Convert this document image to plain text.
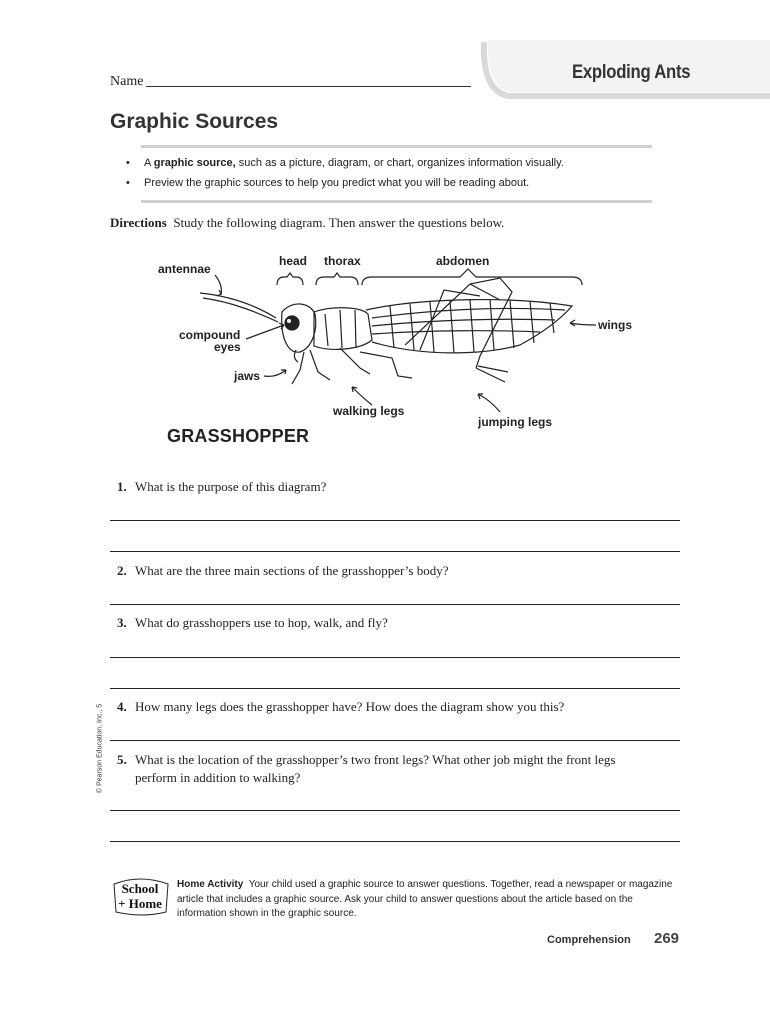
Exploding Ants
Name
Graphic Sources
• A graphic source, such as a picture, diagram, or chart, organizes information visually.
• Preview the graphic sources to help you predict what you will be reading about.
Directions Study the following diagram. Then answer the questions below.
antennae
head thorax	abdomen
compound
eyes
wings
jaws
walking legs
jumping legs
GRASSHOPPER
1. What is the purpose of this diagram?
2. What are the three main sections of the grasshopper’s body?
3. What do grasshoppers use to hop, walk, and fly?
4. How many legs does the grasshopper have? How does the diagram show you this?
5. What is the location of the grasshopper’s two front legs? What other job might the front legs perform in addition to walking?
© Pearson Education, Inc., 5
School
+ Home
Home Activity Your child used a graphic source to answer questions. Together, read a newspaper or magazine article that includes a graphic source. Ask your child to answer questions about the article based on the information shown in the graphic source.
Comprehension 269
